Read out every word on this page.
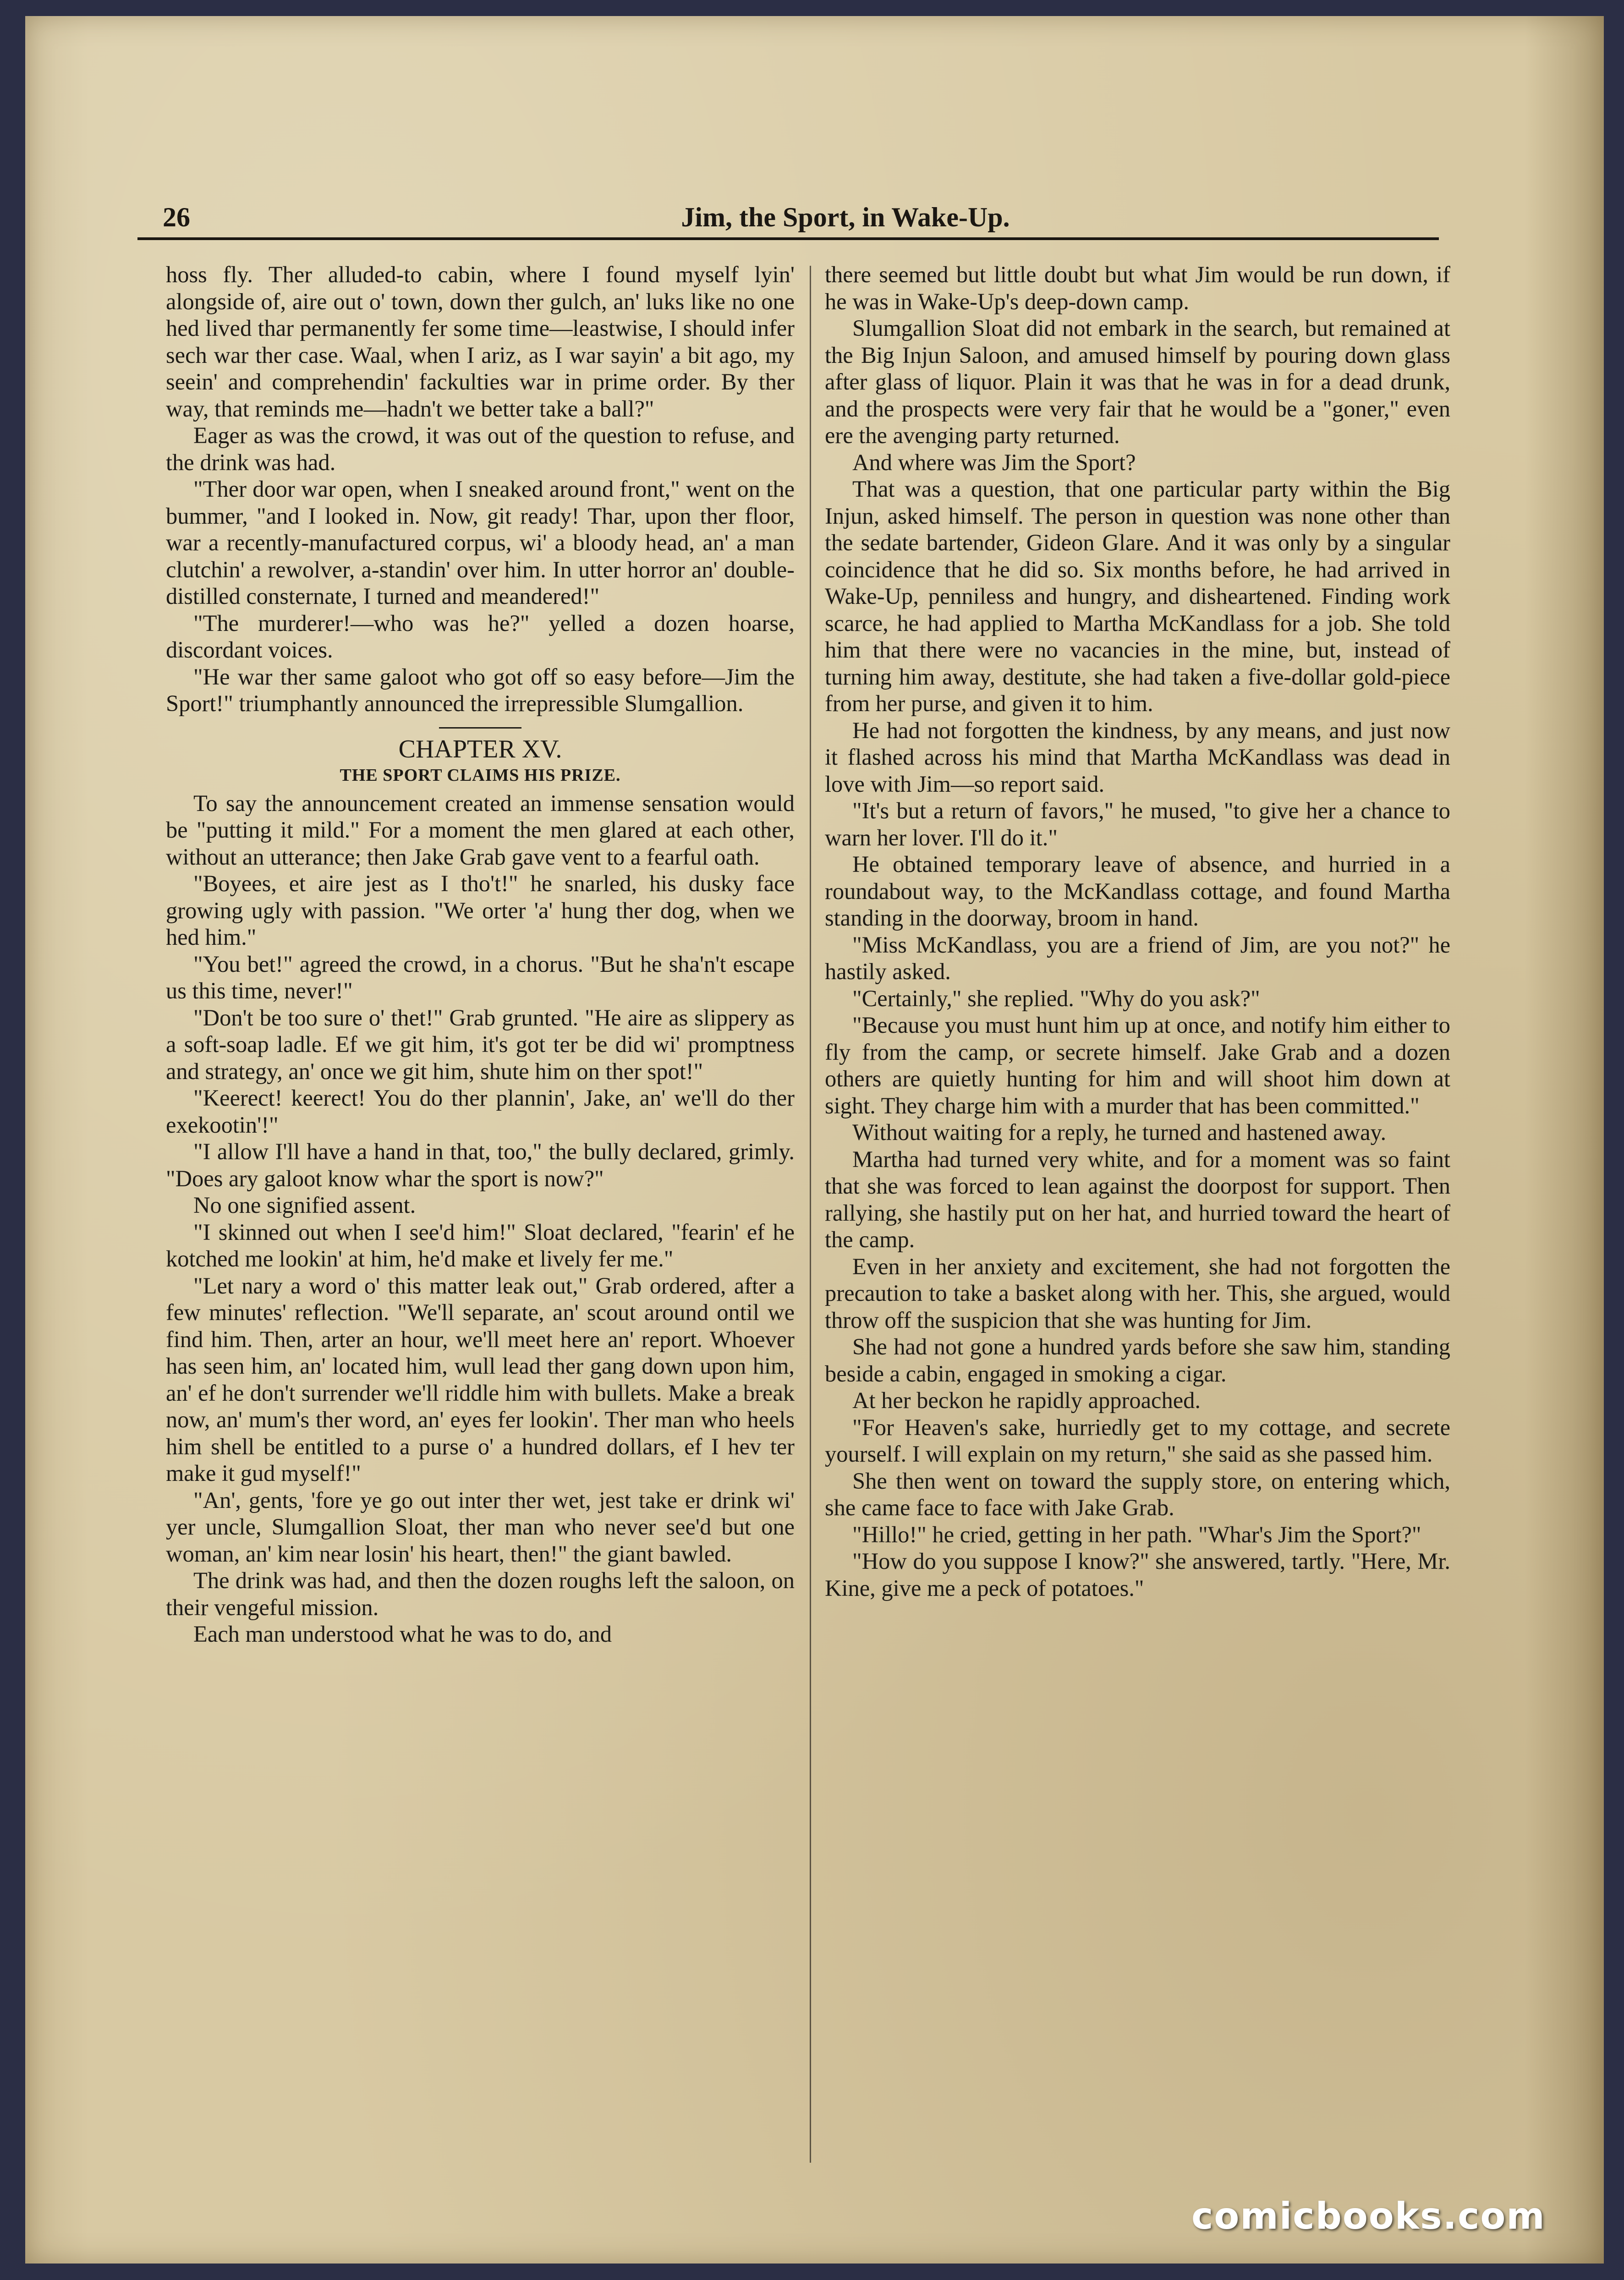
26	Jim, the Sport, in Wake-Up.

hoss fly. Ther alluded-to cabin, where I found myself lyin' alongside of, aire out o' town, down ther gulch, an' luks like no one hed lived thar permanently fer some time—leastwise, I should infer sech war ther case. Waal, when I ariz, as I war sayin' a bit ago, my seein' and comprehendin' fackulties war in prime order. By ther way, that reminds me—hadn't we better take a ball?"

Eager as was the crowd, it was out of the question to refuse, and the drink was had.

"Ther door war open, when I sneaked around front," went on the bummer, "and I looked in. Now, git ready! Thar, upon ther floor, war a recently-manufactured corpus, wi' a bloody head, an' a man clutchin' a rewolver, a-standin' over him. In utter horror an' double-distilled consternate, I turned and meandered!"

"The murderer!—who was he?" yelled a dozen hoarse, discordant voices.

"He war ther same galoot who got off so easy before—Jim the Sport!" triumphantly announced the irrepressible Slumgallion.

CHAPTER XV.
THE SPORT CLAIMS HIS PRIZE.

To say the announcement created an immense sensation would be "putting it mild." For a moment the men glared at each other, without an utterance; then Jake Grab gave vent to a fearful oath.

"Boyees, et aire jest as I tho't!" he snarled, his dusky face growing ugly with passion. "We orter 'a' hung ther dog, when we hed him."

"You bet!" agreed the crowd, in a chorus. "But he sha'n't escape us this time, never!"

"Don't be too sure o' thet!" Grab grunted. "He aire as slippery as a soft-soap ladle. Ef we git him, it's got ter be did wi' promptness and strategy, an' once we git him, shute him on ther spot!"

"Keerect! keerect! You do ther plannin', Jake, an' we'll do ther exekootin'!"

"I allow I'll have a hand in that, too," the bully declared, grimly. "Does ary galoot know whar the sport is now?"

No one signified assent.

"I skinned out when I see'd him!" Sloat declared, "fearin' ef he kotched me lookin' at him, he'd make et lively fer me."

"Let nary a word o' this matter leak out," Grab ordered, after a few minutes' reflection. "We'll separate, an' scout around ontil we find him. Then, arter an hour, we'll meet here an' report. Whoever has seen him, an' located him, wull lead ther gang down upon him, an' ef he don't surrender we'll riddle him with bullets. Make a break now, an' mum's ther word, an' eyes fer lookin'. Ther man who heels him shell be entitled to a purse o' a hundred dollars, ef I hev ter make it gud myself!"

"An', gents, 'fore ye go out inter ther wet, jest take er drink wi' yer uncle, Slumgallion Sloat, ther man who never see'd but one woman, an' kim near losin' his heart, then!" the giant bawled.

The drink was had, and then the dozen roughs left the saloon, on their vengeful mission.

Each man understood what he was to do, and

there seemed but little doubt but what Jim would be run down, if he was in Wake-Up's deep-down camp.

Slumgallion Sloat did not embark in the search, but remained at the Big Injun Saloon, and amused himself by pouring down glass after glass of liquor. Plain it was that he was in for a dead drunk, and the prospects were very fair that he would be a "goner," even ere the avenging party returned.

And where was Jim the Sport?

That was a question, that one particular party within the Big Injun, asked himself. The person in question was none other than the sedate bartender, Gideon Glare. And it was only by a singular coincidence that he did so. Six months before, he had arrived in Wake-Up, penniless and hungry, and disheartened. Finding work scarce, he had applied to Martha McKandlass for a job. She told him that there were no vacancies in the mine, but, instead of turning him away, destitute, she had taken a five-dollar gold-piece from her purse, and given it to him.

He had not forgotten the kindness, by any means, and just now it flashed across his mind that Martha McKandlass was dead in love with Jim—so report said.

"It's but a return of favors," he mused, "to give her a chance to warn her lover. I'll do it."

He obtained temporary leave of absence, and hurried in a roundabout way, to the McKandlass cottage, and found Martha standing in the doorway, broom in hand.

"Miss McKandlass, you are a friend of Jim, are you not?" he hastily asked.

"Certainly," she replied. "Why do you ask?"

"Because you must hunt him up at once, and notify him either to fly from the camp, or secrete himself. Jake Grab and a dozen others are quietly hunting for him and will shoot him down at sight. They charge him with a murder that has been committed."

Without waiting for a reply, he turned and hastened away.

Martha had turned very white, and for a moment was so faint that she was forced to lean against the doorpost for support. Then rallying, she hastily put on her hat, and hurried toward the heart of the camp.

Even in her anxiety and excitement, she had not forgotten the precaution to take a basket along with her. This, she argued, would throw off the suspicion that she was hunting for Jim.

She had not gone a hundred yards before she saw him, standing beside a cabin, engaged in smoking a cigar.

At her beckon he rapidly approached.

"For Heaven's sake, hurriedly get to my cottage, and secrete yourself. I will explain on my return," she said as she passed him.

She then went on toward the supply store, on entering which, she came face to face with Jake Grab.

"Hillo!" he cried, getting in her path. "Whar's Jim the Sport?"

"How do you suppose I know?" she answered, tartly. "Here, Mr. Kine, give me a peck of potatoes."

comicbooks.com
